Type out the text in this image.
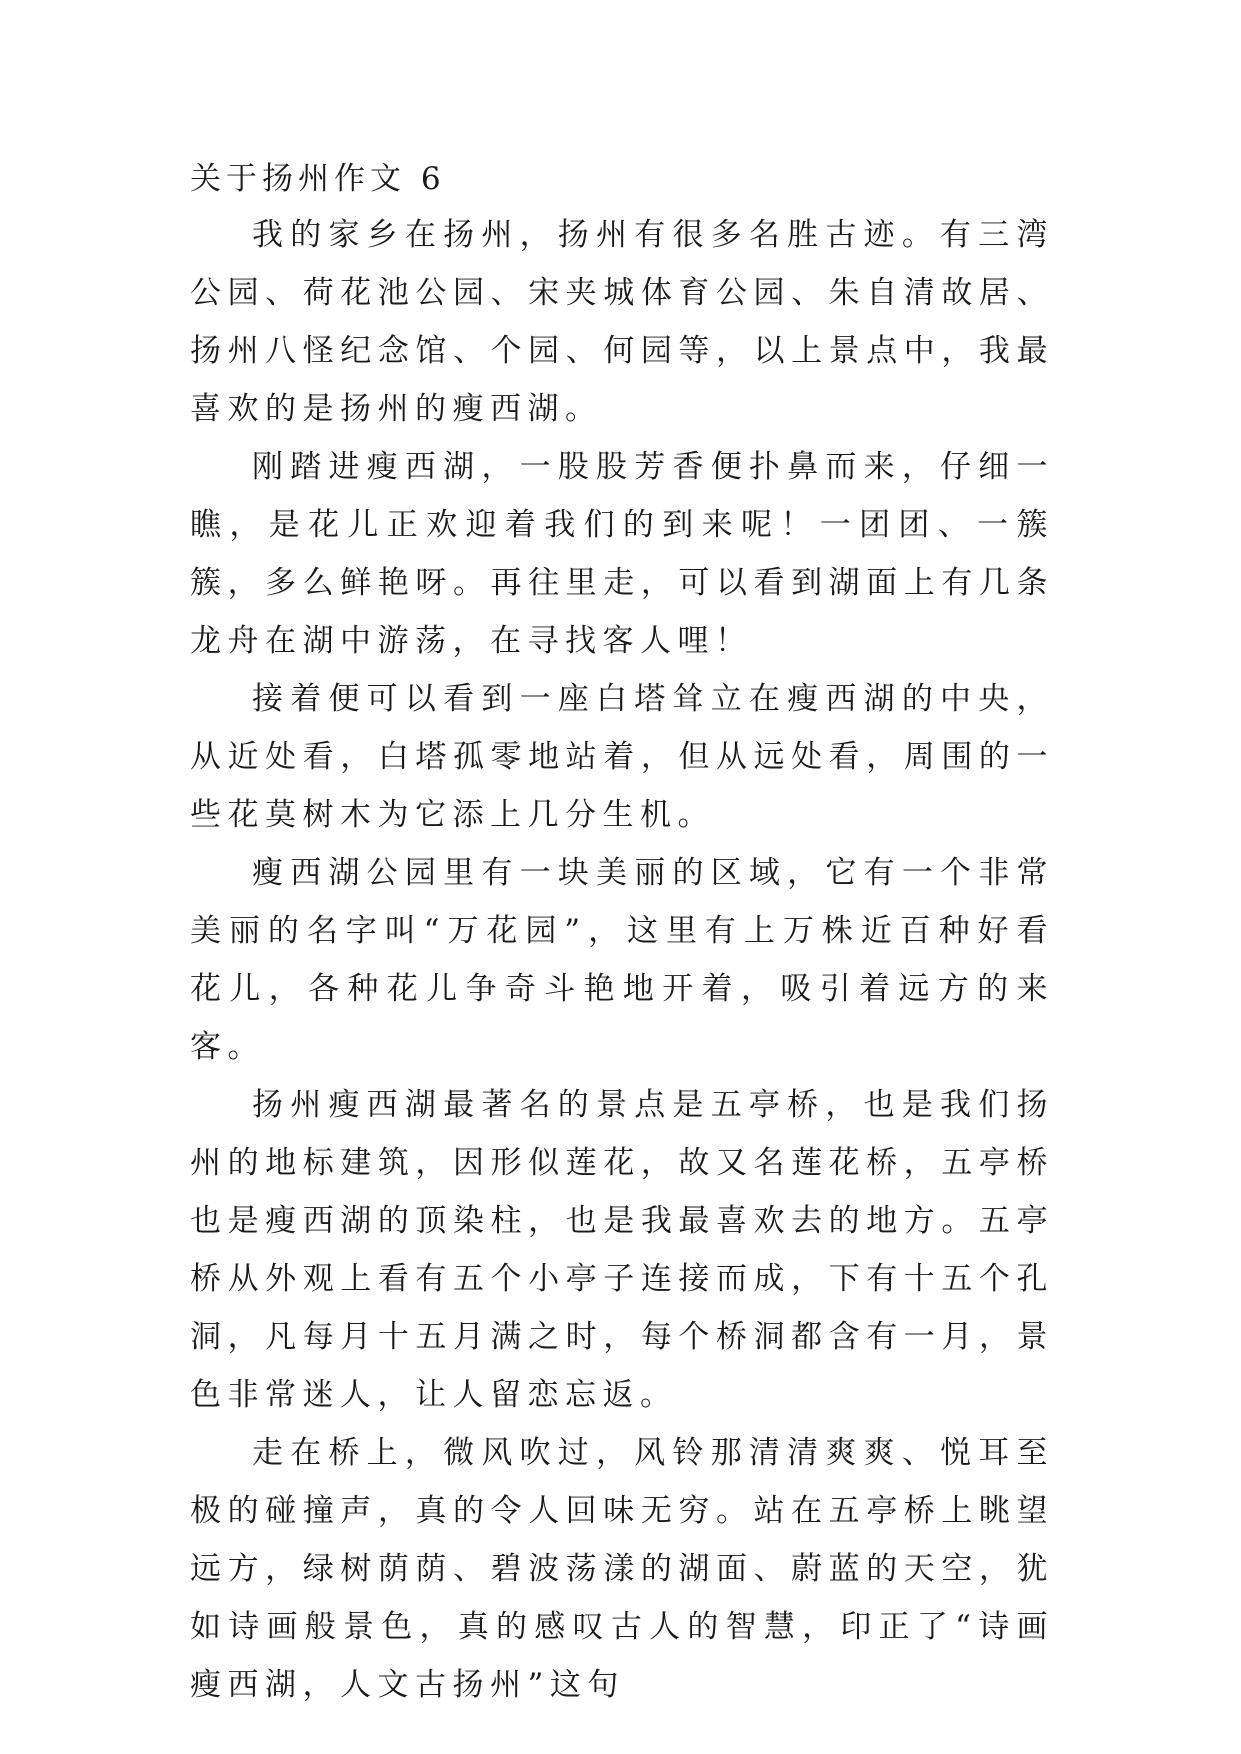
关于扬州作文 6

我的家乡在扬州，扬州有很多名胜古迹。有三湾公园、荷花池公园、宋夹城体育公园、朱自清故居、扬州八怪纪念馆、个园、何园等，以上景点中，我最喜欢的是扬州的瘦西湖。

刚踏进瘦西湖，一股股芳香便扑鼻而来，仔细一瞧，是花儿正欢迎着我们的到来呢！一团团、一簇簇，多么鲜艳呀。再往里走，可以看到湖面上有几条龙舟在湖中游荡，在寻找客人哩！

接着便可以看到一座白塔耸立在瘦西湖的中央，从近处看，白塔孤零地站着，但从远处看，周围的一些花莫树木为它添上几分生机。

瘦西湖公园里有一块美丽的区域，它有一个非常美丽的名字叫“万花园”，这里有上万株近百种好看花儿，各种花儿争奇斗艳地开着，吸引着远方的来客。

扬州瘦西湖最著名的景点是五亭桥，也是我们扬州的地标建筑，因形似莲花，故又名莲花桥，五亭桥也是瘦西湖的顶染柱，也是我最喜欢去的地方。五亭桥从外观上看有五个小亭子连接而成，下有十五个孔洞，凡每月十五月满之时，每个桥洞都含有一月，景色非常迷人，让人留恋忘返。

走在桥上，微风吹过，风铃那清清爽爽、悦耳至极的碰撞声，真的令人回味无穷。站在五亭桥上眺望远方，绿树荫荫、碧波荡漾的湖面、蔚蓝的天空，犹如诗画般景色，真的感叹古人的智慧，印正了“诗画瘦西湖，人文古扬州”这句
